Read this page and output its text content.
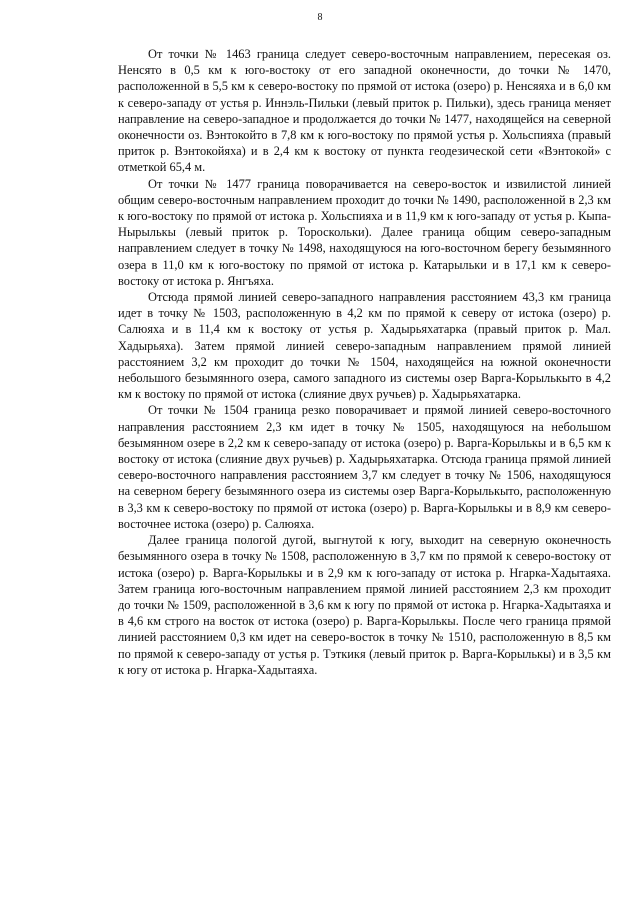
8

От точки № 1463 граница следует северо-восточным направлением, пересекая оз. Ненсято в 0,5 км к юго-востоку от его западной оконечности, до точки № 1470, расположенной в 5,5 км к северо-востоку по прямой от истока (озеро) р. Ненсяяха и в 6,0 км к северо-западу от устья р. Иннэль-Пильки (левый приток р. Пильки), здесь граница меняет направление на северо-западное и продолжается до точки № 1477, находящейся на северной оконечности оз. Вэнтокойто в 7,8 км к юго-востоку по прямой устья р. Хольспияха (правый приток р. Вэнтокойяха) и в 2,4 км к востоку от пункта геодезической сети «Вэнтокой» с отметкой 65,4 м.

От точки № 1477 граница поворачивается на северо-восток и извилистой линией общим северо-восточным направлением проходит до точки № 1490, расположенной в 2,3 км к юго-востоку по прямой от истока р. Хольспияха и в 11,9 км к юго-западу от устья р. Кыпа-Нырылькы (левый приток р. Тороскольки). Далее граница общим северо-западным направлением следует в точку № 1498, находящуюся на юго-восточном берегу безымянного озера в 11,0 км к юго-востоку по прямой от истока р. Катарыльки и в 17,1 км к северо-востоку от истока р. Янгъяха.

Отсюда прямой линией северо-западного направления расстоянием 43,3 км граница идет в точку № 1503, расположенную в 4,2 км по прямой к северу от истока (озеро) р. Салюяха и в 11,4 км к востоку от устья р. Хадырьяхатарка (правый приток р. Мал. Хадырьяха). Затем прямой линией северо-западным направлением прямой линией расстоянием 3,2 км проходит до точки № 1504, находящейся на южной оконечности небольшого безымянного озера, самого западного из системы озер Варга-Корылькыто в 4,2 км к востоку по прямой от истока (слияние двух ручьев) р. Хадырьяхатарка.

От точки № 1504 граница резко поворачивает и прямой линией северо-восточного направления расстоянием 2,3 км идет в точку № 1505, находящуюся на небольшом безымянном озере в 2,2 км к северо-западу от истока (озеро) р. Варга-Корылькы и в 6,5 км к востоку от истока (слияние двух ручьев) р. Хадырьяхатарка. Отсюда граница прямой линией северо-восточного направления расстоянием 3,7 км следует в точку № 1506, находящуюся на северном берегу безымянного озера из системы озер Варга-Корылькыто, расположенную в 3,3 км к северо-востоку по прямой от истока (озеро) р. Варга-Корылькы и в 8,9 км северо-восточнее истока (озеро) р. Салюяха.

Далее граница пологой дугой, выгнутой к югу, выходит на северную оконечность безымянного озера в точку № 1508, расположенную в 3,7 км по прямой к северо-востоку от истока (озеро) р. Варга-Корылькы и в 2,9 км к юго-западу от истока р. Нгарка-Хадытаяха. Затем граница юго-восточным направлением прямой линией расстоянием 2,3 км проходит до точки № 1509, расположенной в 3,6 км к югу по прямой от истока р. Нгарка-Хадытаяха и в 4,6 км строго на восток от истока (озеро) р. Варга-Корылькы. После чего граница прямой линией расстоянием 0,3 км идет на северо-восток в точку № 1510, расположенную в 8,5 км по прямой к северо-западу от устья р. Тэткикя (левый приток р. Варга-Корылькы) и в 3,5 км к югу от истока р. Нгарка-Хадытаяха.
